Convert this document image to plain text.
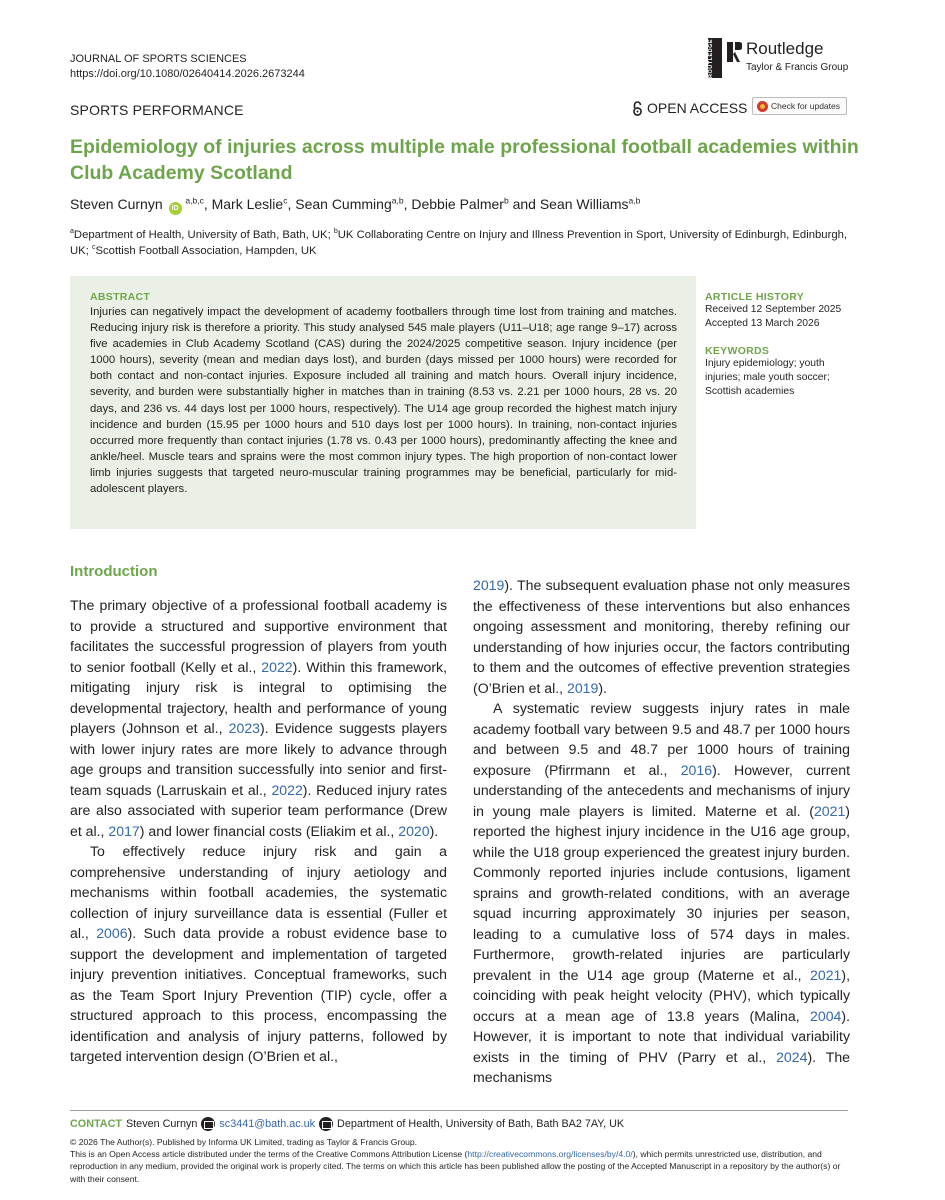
JOURNAL OF SPORTS SCIENCES
https://doi.org/10.1080/02640414.2026.2673244	ROUTLEDGE	Routledge
Taylor & Francis Group
SPORTS PERFORMANCE	OPEN ACCESS	Check for updates
Epidemiology of injuries across multiple male professional football academies within Club Academy Scotland
Steven Curnyn iD $^{a,b,c}$, Mark Leslie$^c$, Sean Cumming$^{a,b}$, Debbie Palmer$^b$ and Sean Williams$^{a,b}$
$^a$Department of Health, University of Bath, Bath, UK; $^b$UK Collaborating Centre on Injury and Illness Prevention in Sport, University of Edinburgh, Edinburgh, UK; $^c$Scottish Football Association, Hampden, UK
ABSTRACT

Injuries can negatively impact the development of academy footballers through time lost from training and matches. Reducing injury risk is therefore a priority. This study analysed 545 male players (U11–U18; age range 9–17) across five academies in Club Academy Scotland (CAS) during the 2024/2025 competitive season. Injury incidence (per 1000 hours), severity (mean and median days lost), and burden (days missed per 1000 hours) were recorded for both contact and non-contact injuries. Exposure included all training and match hours. Overall injury incidence, severity, and burden were substantially higher in matches than in training (8.53 vs. 2.21 per 1000 hours, 28 vs. 20 days, and 236 vs. 44 days lost per 1000 hours, respectively). The U14 age group recorded the highest match injury incidence and burden (15.95 per 1000 hours and 510 days lost per 1000 hours). In training, non-contact injuries occurred more frequently than contact injuries (1.78 vs. 0.43 per 1000 hours), predominantly affecting the knee and ankle/heel. Muscle tears and sprains were the most common injury types. The high proportion of non-contact lower limb injuries suggests that targeted neuro-muscular training programmes may be beneficial, particularly for mid-adolescent players.

ARTICLE HISTORY
Received 12 September 2025
Accepted 13 March 2026
KEYWORDS
Injury epidemiology; youth injuries; male youth soccer; Scottish academies
Introduction

The primary objective of a professional football academy is to provide a structured and supportive environment that facilitates the successful progression of players from youth to senior football (Kelly et al., 2022). Within this framework, mitigating injury risk is integral to optimising the developmental trajectory, health and performance of young players (Johnson et al., 2023). Evidence suggests players with lower injury rates are more likely to advance through age groups and transition successfully into senior and first-team squads (Larruskain et al., 2022). Reduced injury rates are also associated with superior team performance (Drew et al., 2017) and lower financial costs (Eliakim et al., 2020).

To effectively reduce injury risk and gain a comprehensive understanding of injury aetiology and mechanisms within football academies, the systematic collection of injury surveillance data is essential (Fuller et al., 2006). Such data provide a robust evidence base to support the development and implementation of targeted injury prevention initiatives. Conceptual frameworks, such as the Team Sport Injury Prevention (TIP) cycle, offer a structured approach to this process, encompassing the identification and analysis of injury patterns, followed by targeted intervention design (O’Brien et al.,

2019). The subsequent evaluation phase not only measures the effectiveness of these interventions but also enhances ongoing assessment and monitoring, thereby refining our understanding of how injuries occur, the factors contributing to them and the outcomes of effective prevention strategies (O’Brien et al., 2019).

A systematic review suggests injury rates in male academy football vary between 9.5 and 48.7 per 1000 hours and between 9.5 and 48.7 per 1000 hours of training exposure (Pfirrmann et al., 2016). However, current understanding of the antecedents and mechanisms of injury in young male players is limited. Materne et al. (2021) reported the highest injury incidence in the U16 age group, while the U18 group experienced the greatest injury burden. Commonly reported injuries include contusions, ligament sprains and growth-related conditions, with an average squad incurring approximately 30 injuries per season, leading to a cumulative loss of 574 days in males. Furthermore, growth-related injuries are particularly prevalent in the U14 age group (Materne et al., 2021), coinciding with peak height velocity (PHV), which typically occurs at a mean age of 13.8 years (Malina, 2004). However, it is important to note that individual variability exists in the timing of PHV (Parry et al., 2024). The mechanisms

CONTACT Steven Curnyn sc3441@bath.ac.uk Department of Health, University of Bath, Bath BA2 7AY, UK
© 2026 The Author(s). Published by Informa UK Limited, trading as Taylor & Francis Group.
This is an Open Access article distributed under the terms of the Creative Commons Attribution License (http://creativecommons.org/licenses/by/4.0/), which permits unrestricted use, distribution, and reproduction in any medium, provided the original work is properly cited. The terms on which this article has been published allow the posting of the Accepted Manuscript in a repository by the author(s) or with their consent.
